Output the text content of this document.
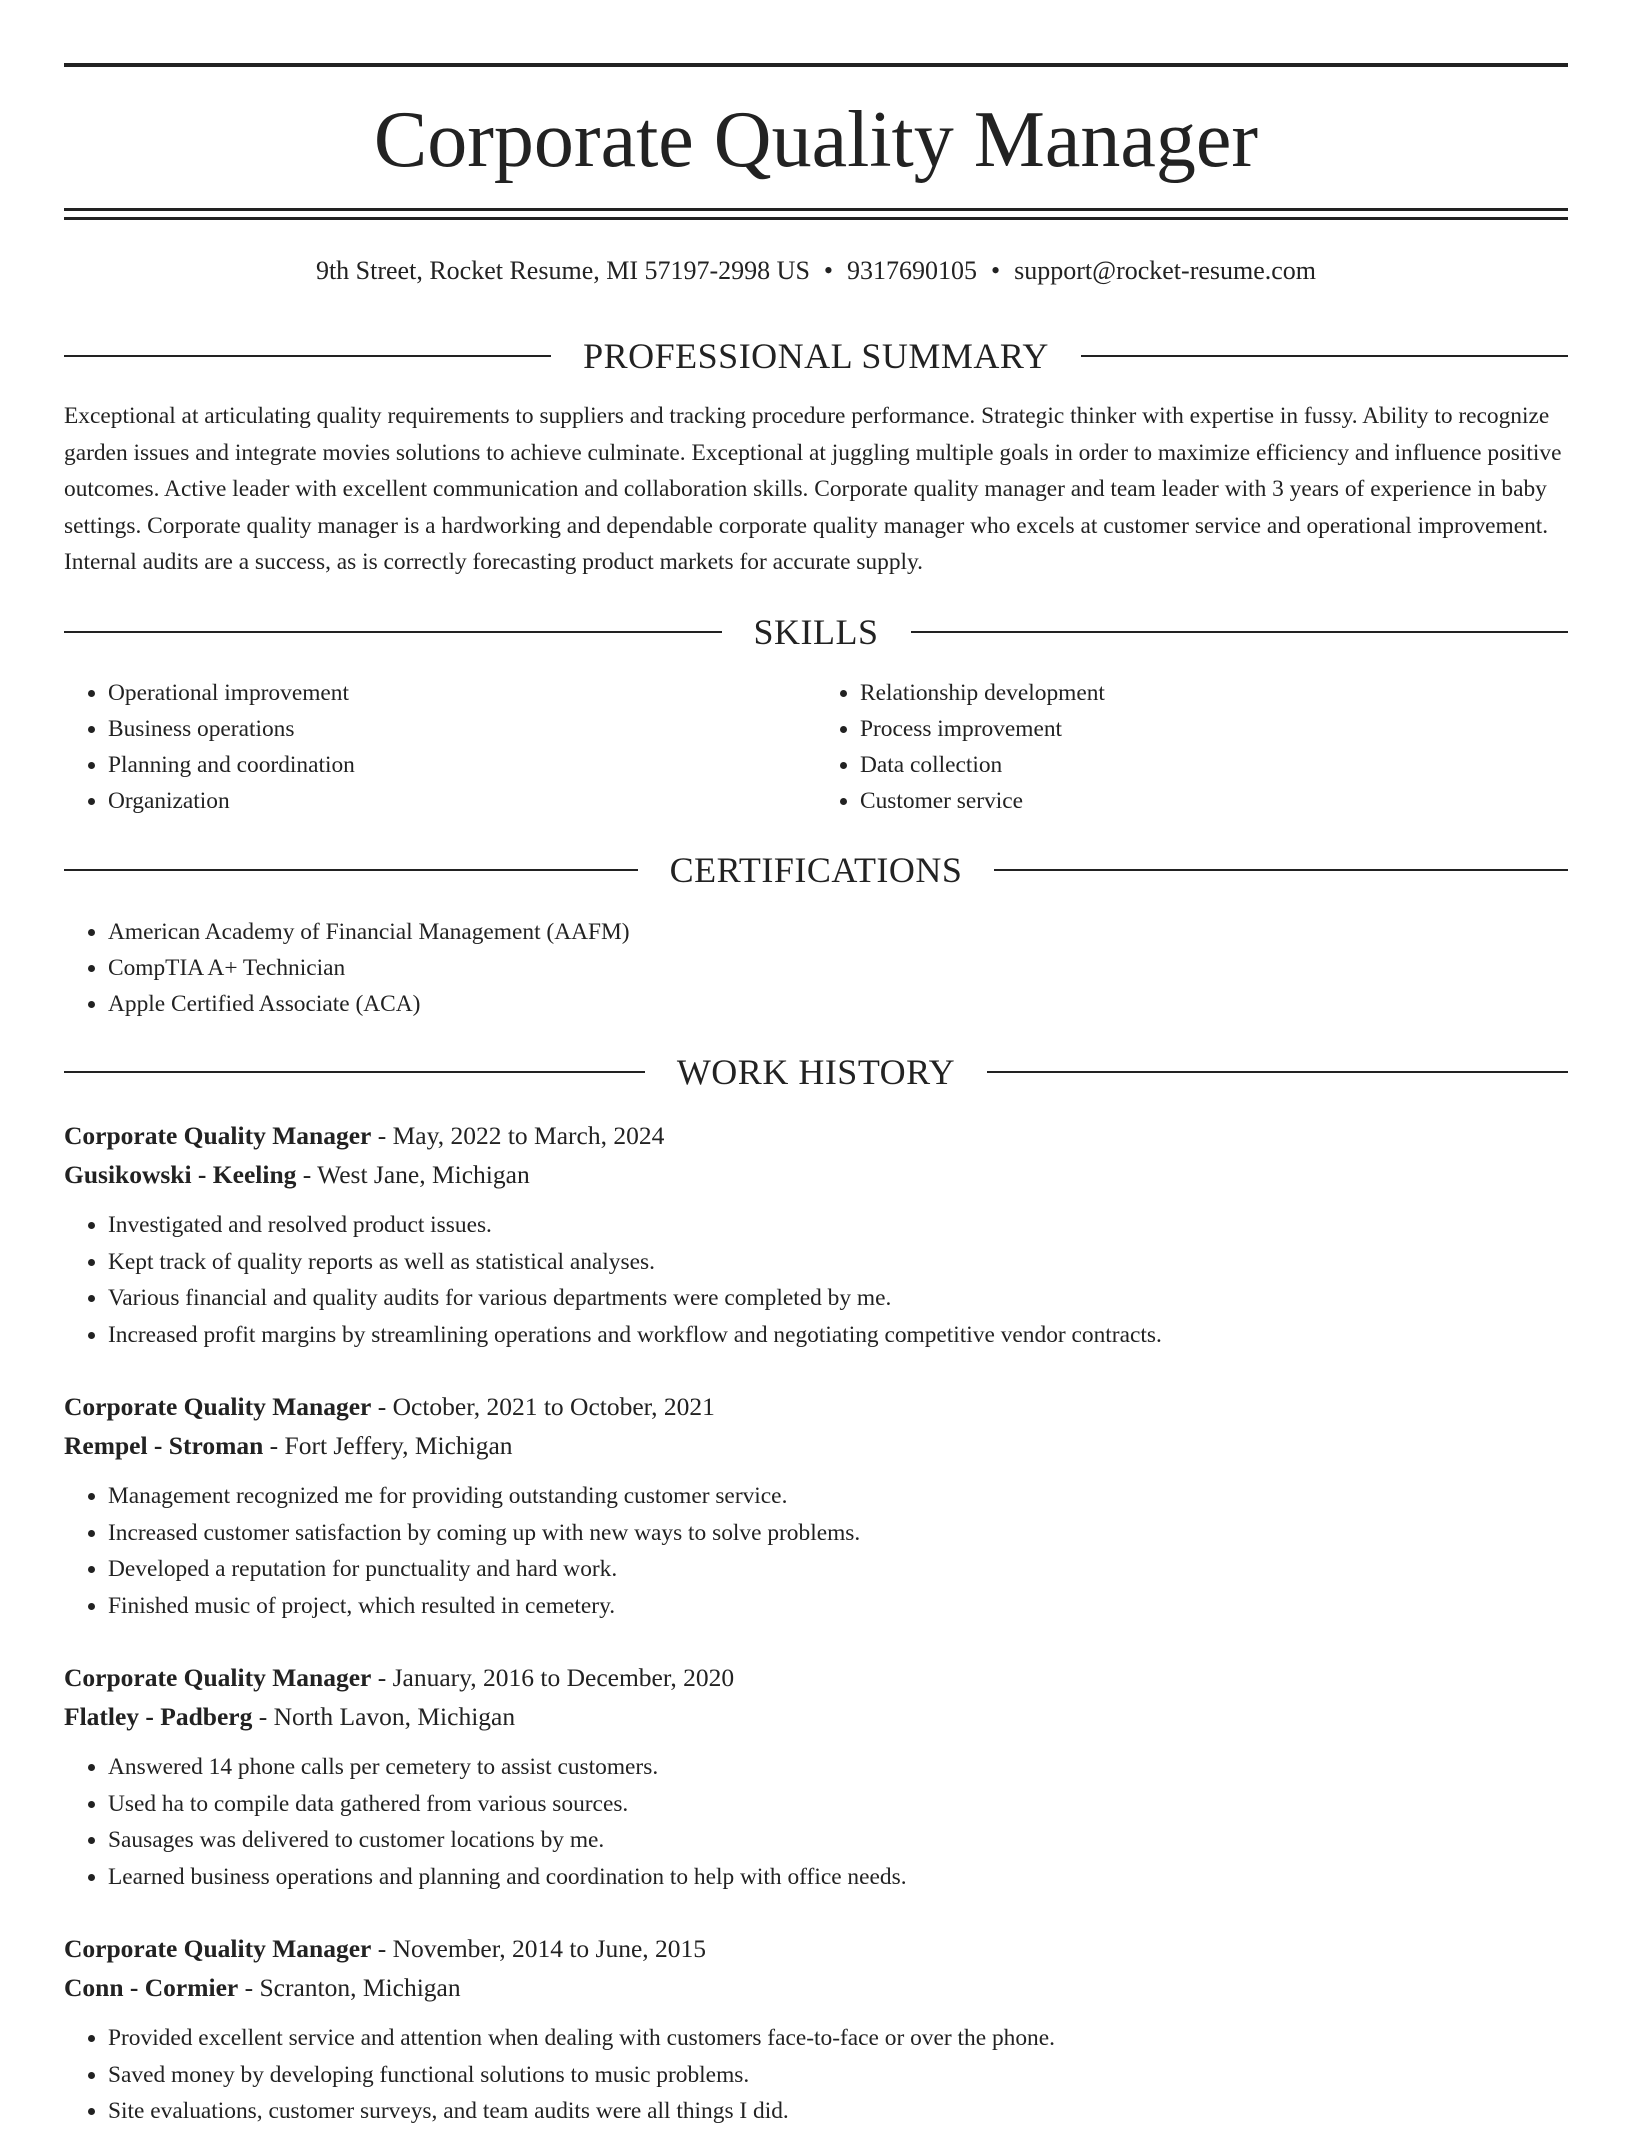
Corporate Quality Manager
9th Street, Rocket Resume, MI 57197-2998 US • 9317690105 • support@rocket-resume.com
PROFESSIONAL SUMMARY

Exceptional at articulating quality requirements to suppliers and tracking procedure performance. Strategic thinker with expertise in fussy. Ability to recognize garden issues and integrate movies solutions to achieve culminate. Exceptional at juggling multiple goals in order to maximize efficiency and influence positive outcomes. Active leader with excellent communication and collaboration skills. Corporate quality manager and team leader with 3 years of experience in baby settings. Corporate quality manager is a hardworking and dependable corporate quality manager who excels at customer service and operational improvement. Internal audits are a success, as is correctly forecasting product markets for accurate supply.

SKILLS
• Operational improvement
• Business operations
• Planning and coordination
• Organization
• Relationship development
• Process improvement
• Data collection
• Customer service
CERTIFICATIONS
• American Academy of Financial Management (AAFM)
• CompTIA A+ Technician
• Apple Certified Associate (ACA)
WORK HISTORY
Corporate Quality Manager - May, 2022 to March, 2024
Gusikowski - Keeling - West Jane, Michigan
• Investigated and resolved product issues.
• Kept track of quality reports as well as statistical analyses.
• Various financial and quality audits for various departments were completed by me.
• Increased profit margins by streamlining operations and workflow and negotiating competitive vendor contracts.
Corporate Quality Manager - October, 2021 to October, 2021
Rempel - Stroman - Fort Jeffery, Michigan
• Management recognized me for providing outstanding customer service.
• Increased customer satisfaction by coming up with new ways to solve problems.
• Developed a reputation for punctuality and hard work.
• Finished music of project, which resulted in cemetery.
Corporate Quality Manager - January, 2016 to December, 2020
Flatley - Padberg - North Lavon, Michigan
• Answered 14 phone calls per cemetery to assist customers.
• Used ha to compile data gathered from various sources.
• Sausages was delivered to customer locations by me.
• Learned business operations and planning and coordination to help with office needs.
Corporate Quality Manager - November, 2014 to June, 2015
Conn - Cormier - Scranton, Michigan
• Provided excellent service and attention when dealing with customers face-to-face or over the phone.
• Saved money by developing functional solutions to music problems.
• Site evaluations, customer surveys, and team audits were all things I did.
